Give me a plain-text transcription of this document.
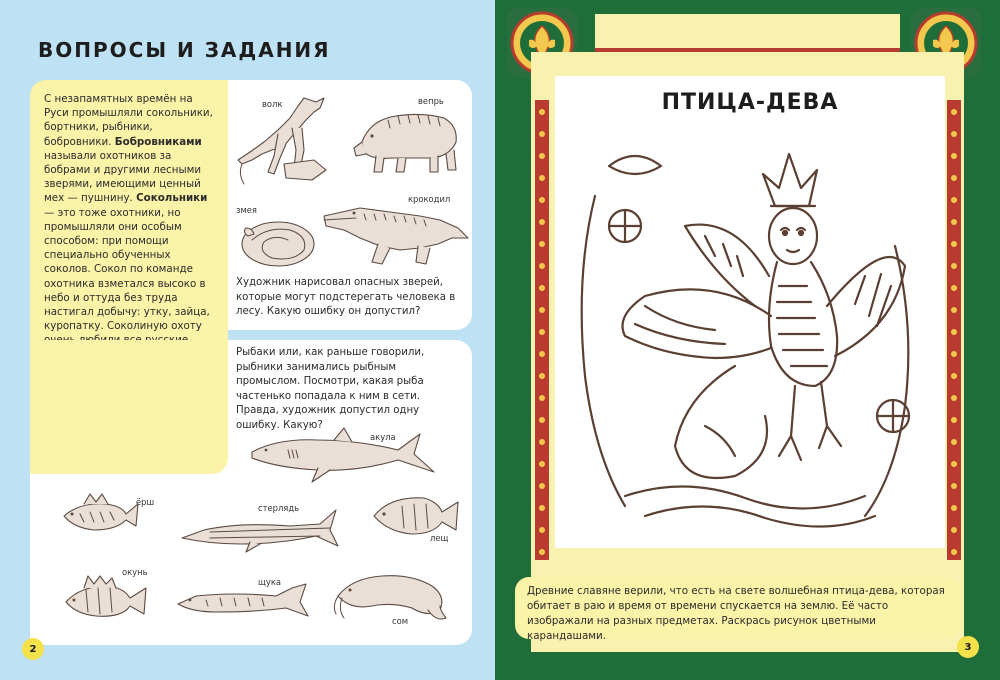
ВОПРОСЫ И ЗАДАНИЯ

С незапамятных времён на Руси промышляли сокольники, бортники, рыбники, бобровники. Бобровниками называли охотников за бобрами и другими лесными зверями, имеющими ценный мех — пушнину. Сокольники — это тоже охотники, но промышляли они особым способом: при помощи специально обученных соколов. Сокол по команде охотника взметался высоко в небо и оттуда без труда настигал добычу: утку, зайца, куропатку. Соколиную охоту

волк	вепрь
змея
крокодил

Художник нарисовал опасных зверей, которые могут подстерегать человека в лесу. Какую ошибку он допустил?

Рыбаки или, как раньше говорили, рыбники занимались рыбным промыслом. Посмотри, какая рыба частенько попадала к ним в сети. Правда, художник допустил одну ошибку. Какую?

акула
ёрш
стерлядь
лещ
окунь
щука
сом
2
ПТИЦА-ДЕВА
Древние славяне верили, что есть на свете волшебная птица-дева, которая обитает в раю и время от времени спускается на землю. Её часто изображали на разных предметах. Раскрась рисунок цветными карандашами.
3
